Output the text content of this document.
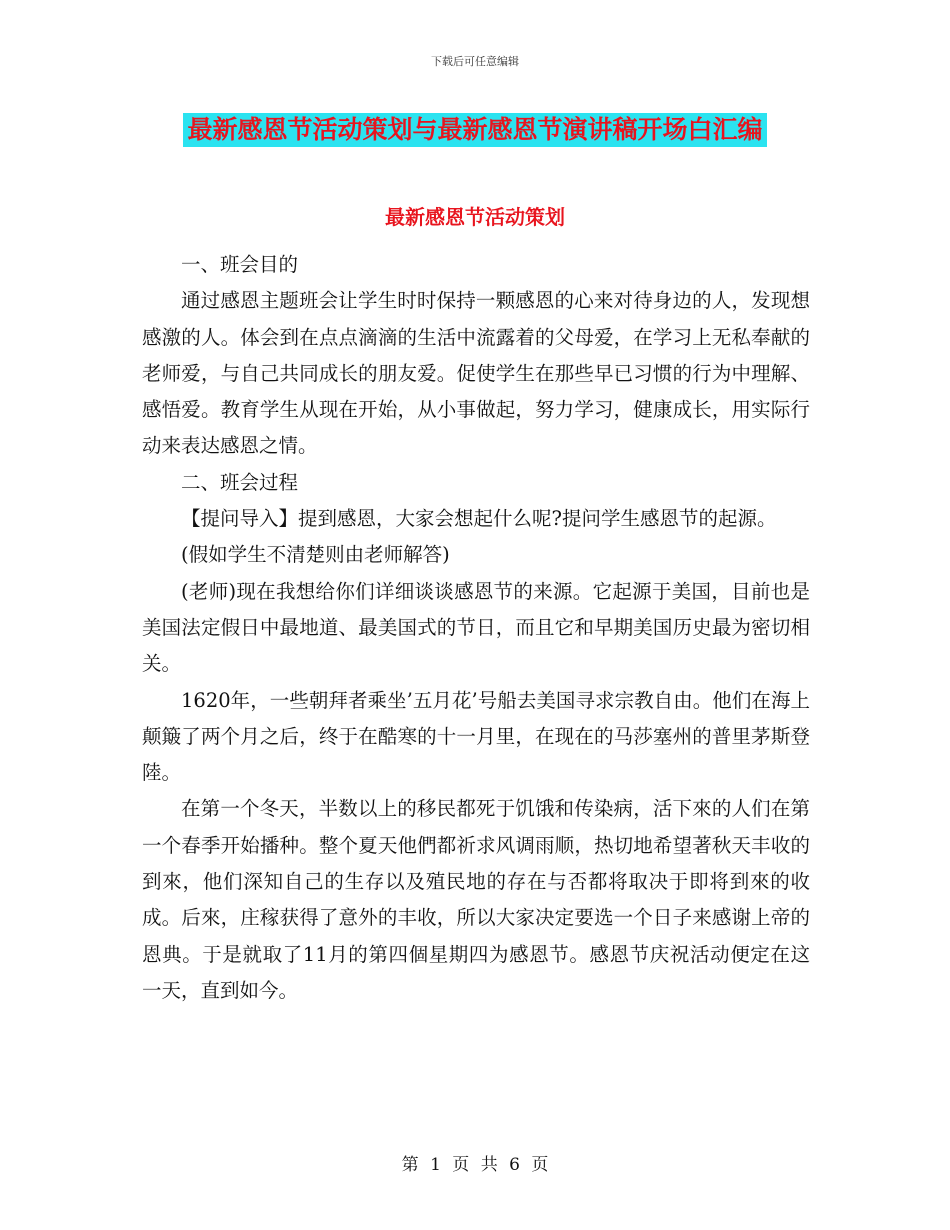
下载后可任意编辑
最新感恩节活动策划与最新感恩节演讲稿开场白汇编
最新感恩节活动策划

一、班会目的

通过感恩主题班会让学生时时保持一颗感恩的心来对待身边的人，发现想感激的人。体会到在点点滴滴的生活中流露着的父母爱，在学习上无私奉献的老师爱，与自己共同成长的朋友爱。促使学生在那些早已习惯的行为中理解、感悟爱。教育学生从现在开始，从小事做起，努力学习，健康成长，用实际行动来表达感恩之情。

二、班会过程

【提问导入】提到感恩，大家会想起什么呢?提问学生感恩节的起源。

(假如学生不清楚则由老师解答)

(老师)现在我想给你们详细谈谈感恩节的来源。它起源于美国，目前也是美国法定假日中最地道、最美国式的节日，而且它和早期美国历史最为密切相关。

1620年，一些朝拜者乘坐’五月花’号船去美国寻求宗教自由。他们在海上颠簸了两个月之后，终于在酷寒的十一月里，在现在的马莎塞州的普里茅斯登陸。

在第一个冬天，半数以上的移民都死于饥饿和传染病，活下來的人们在第一个春季开始播种。整个夏天他們都祈求风调雨顺，热切地希望著秋天丰收的到來，他们深知自己的生存以及殖民地的存在与否都将取决于即将到來的收成。后來，庄稼获得了意外的丰收，所以大家决定要选一个日子来感谢上帝的恩典。于是就取了11月的第四個星期四为感恩节。感恩节庆祝活动便定在这一天，直到如今。

第 1 页 共 6 页
